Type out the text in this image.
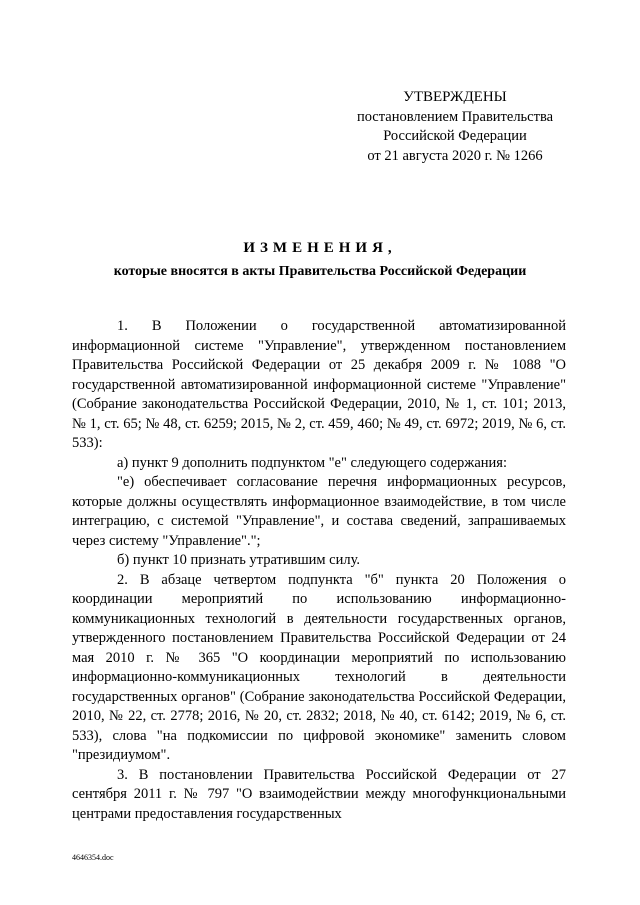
УТВЕРЖДЕНЫ
постановлением Правительства
Российской Федерации
от 21 августа 2020 г. № 1266
ИЗМЕНЕНИЯ,
которые вносятся в акты Правительства Российской Федерации

1. В Положении о государственной автоматизированной информационной системе "Управление", утвержденном постановлением Правительства Российской Федерации от 25 декабря 2009 г. № 1088 "О государственной автоматизированной информационной системе "Управление" (Собрание законодательства Российской Федерации, 2010, № 1, ст. 101; 2013, № 1, ст. 65; № 48, ст. 6259; 2015, № 2, ст. 459, 460; № 49, ст. 6972; 2019, № 6, ст. 533):

а) пункт 9 дополнить подпунктом "е" следующего содержания:

"е) обеспечивает согласование перечня информационных ресурсов, которые должны осуществлять информационное взаимодействие, в том числе интеграцию, с системой "Управление", и состава сведений, запрашиваемых через систему "Управление".";

б) пункт 10 признать утратившим силу.

2. В абзаце четвертом подпункта "б" пункта 20 Положения о координации мероприятий по использованию информационно-коммуникационных технологий в деятельности государственных органов, утвержденного постановлением Правительства Российской Федерации от 24 мая 2010 г. № 365 "О координации мероприятий по использованию информационно-коммуникационных технологий в деятельности государственных органов" (Собрание законодательства Российской Федерации, 2010, № 22, ст. 2778; 2016, № 20, ст. 2832; 2018, № 40, ст. 6142; 2019, № 6, ст. 533), слова "на подкомиссии по цифровой экономике" заменить словом "президиумом".

3. В постановлении Правительства Российской Федерации от 27 сентября 2011 г. № 797 "О взаимодействии между многофункциональными центрами предоставления государственных

4646354.doc
